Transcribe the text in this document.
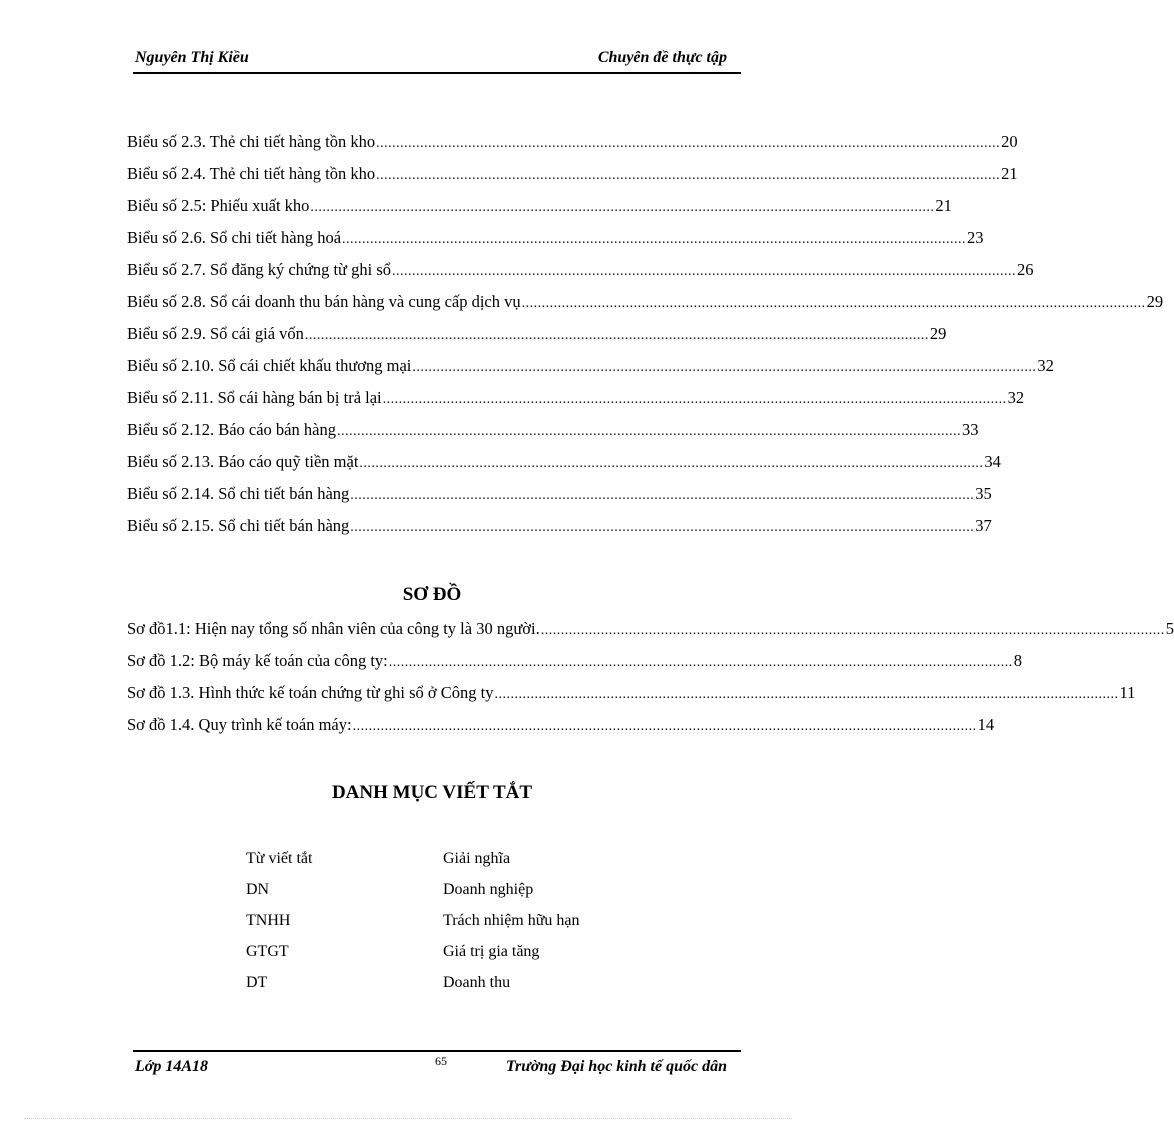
Nguyên Thị Kiều	Chuyên đề thực tập
Biểu số 2.3. Thẻ chi tiết hàng tồn kho ............................................................................................................................................................ 20
Biểu số 2.4. Thẻ chi tiết hàng tồn kho ............................................................................................................................................................ 21
Biểu số 2.5: Phiếu xuất kho ............................................................................................................................................................ 21
Biểu số 2.6. Sổ chi tiết hàng hoá ............................................................................................................................................................ 23
Biểu số 2.7. Sổ đăng ký chứng từ ghi sổ ............................................................................................................................................................ 26
Biểu số 2.8. Sổ cái doanh thu bán hàng và cung cấp dịch vụ ............................................................................................................................................................ 29
Biểu số 2.9. Sổ cái giá vốn ............................................................................................................................................................ 29
Biểu số 2.10. Sổ cái chiết khấu thương mại ............................................................................................................................................................ 32
Biểu số 2.11. Sổ cái hàng bán bị trả lại ............................................................................................................................................................ 32
Biểu số 2.12. Báo cáo bán hàng ............................................................................................................................................................ 33
Biểu số 2.13. Báo cáo quỹ tiền mặt ............................................................................................................................................................ 34
Biểu số 2.14. Sổ chi tiết bán hàng ............................................................................................................................................................ 35
Biểu số 2.15. Sổ chi tiết bán hàng ............................................................................................................................................................ 37
SƠ ĐỒ
Sơ đồ1.1: Hiện nay tổng số nhân viên của công ty là 30 người. ............................................................................................................................................................ 5
Sơ đồ 1.2: Bộ máy kế toán của công ty: ............................................................................................................................................................ 8
Sơ đồ 1.3. Hình thức kế toán chứng từ ghi sổ ở Công ty ............................................................................................................................................................ 11
Sơ đồ 1.4. Quy trình kế toán máy: ............................................................................................................................................................ 14
DANH MỤC VIẾT TẮT
Từ viết tắt	Giải nghĩa
DN	Doanh nghiệp
TNHH	Trách nhiệm hữu hạn
GTGT	Giá trị gia tăng
DT	Doanh thu
Lớp 14A18	65	Trường Đại học kinh tế quốc dân
